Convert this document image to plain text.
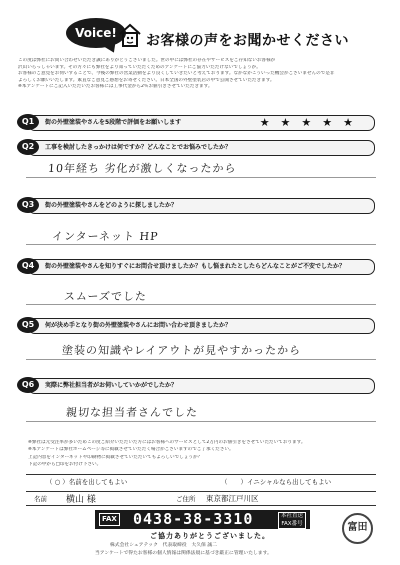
Voice!	お客様の声をお聞かせください
この度は弊社にお問い合わせいただき誠にありがとうございました。世の中には弊社の存在やサービスをご存知ないお客様が
沢山いらっしゃいます。その方々にも弊社をより知っていただくためのアンケートにご協力いただけないでしょうか。
お客様のご意見をお伺いすることで、今後の弊社の営業活動をより良くしていきたいと考えております。なかなかこういった機会がございませんので是非
よろしくお願いいたします。素直なご意見ご感想をお寄せください。日本全国の外壁塗装店の中で公開させていただきます。
※本アンケートにご記入いただいたお客様には工事代金から2％お値引きさせていただきます。
Q1	街の外壁塗装やさんを5段階で評価をお願いします	★★★★★
Q2	工事を検討したきっかけは何ですか？どんなことでお悩みでしたか？
10年経ち 劣化が激しくなったから
Q3	街の外壁塗装やさんをどのように探しましたか？
インターネット HP
Q4	街の外壁塗装やさんを知りすぐにお問合せ頂けましたか？もし悩まれたとしたらどんなことがご不安でしたか？
スムーズでした
Q5	何が決め手となり街の外壁塗装やさんにお問い合わせ頂きましたか？
塗装の知識やレイアウトが見やすかったから
Q6	実際に弊社担当者がお伺いしていかがでしたか？
親切な担当者さんでした
※弊社は元受注率が多いためこの度ご紹介いただいた方にはお客様へのサービスとして2万円のお値引きをさせていただいております。
※本アンケートは弊社ホームページ等に掲載させていただく場合がございますのでご了承ください。
上記内容をインターネットや印刷物に掲載させていただいてもよろしいでしょうか？
下記の中から□印をお付け下さい。
（ ○ ）名前を出してもよい	（　　）イニシャルなら出してもよい
名前 横山 様	ご住所 東京都江戸川区
FAX 0438-38-3310	本社直送
FAX番号	富田
ご協力ありがとうございました。
株式会社シェアテック　代表取締役　大久保 誠二
当アンケートで得たお客様の個人情報は関係法規に基づき厳正に管理いたします。
